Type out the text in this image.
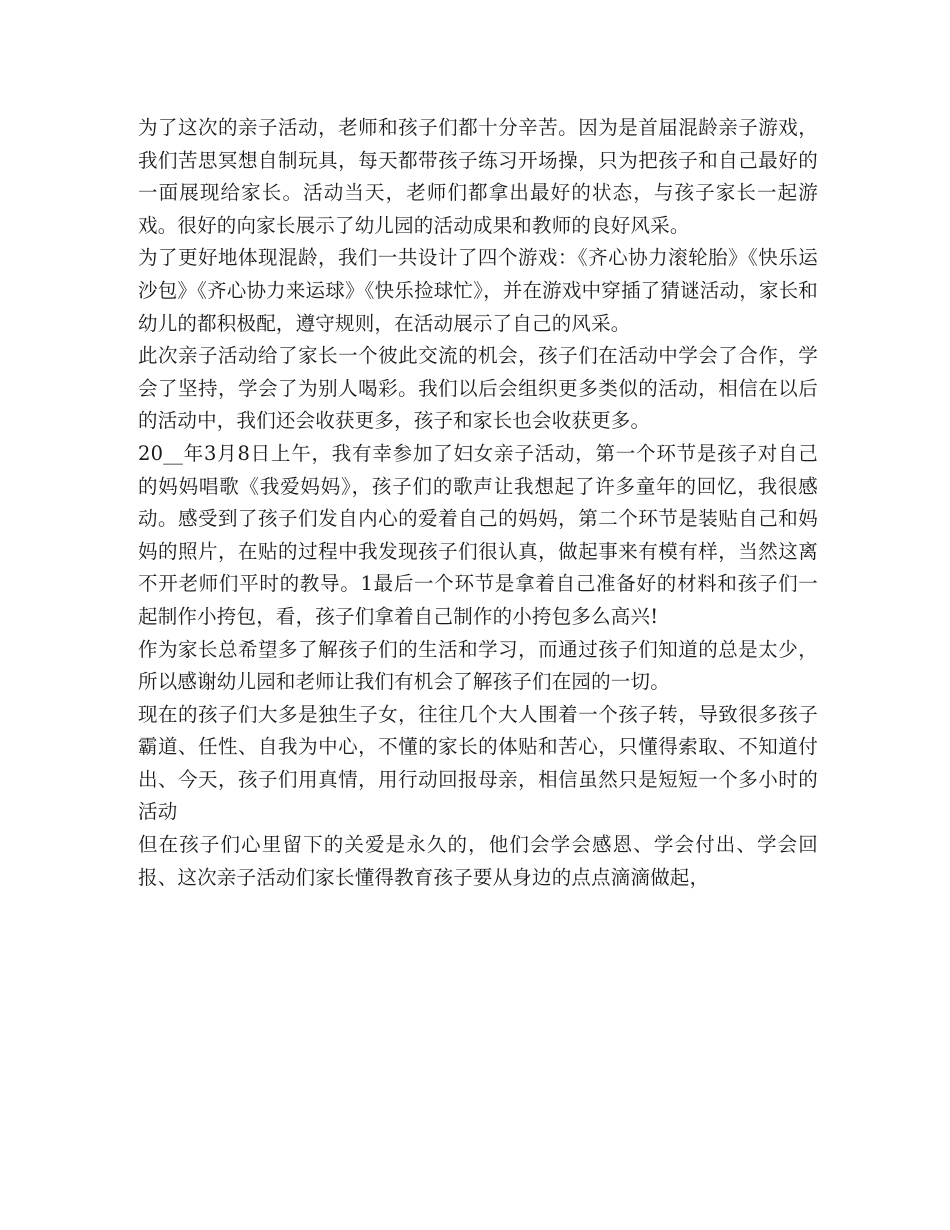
为了这次的亲子活动，老师和孩子们都十分辛苦。因为是首届混龄亲子游戏，我们苦思冥想自制玩具，每天都带孩子练习开场操，只为把孩子和自己最好的一面展现给家长。活动当天，老师们都拿出最好的状态，与孩子家长一起游戏。很好的向家长展示了幼儿园的活动成果和教师的良好风采。

为了更好地体现混龄，我们一共设计了四个游戏：《齐心协力滚轮胎》《快乐运沙包》《齐心协力来运球》《快乐捡球忙》，并在游戏中穿插了猜谜活动，家长和幼儿的都积极配，遵守规则，在活动展示了自己的风采。

此次亲子活动给了家长一个彼此交流的机会，孩子们在活动中学会了合作，学会了坚持，学会了为别人喝彩。我们以后会组织更多类似的活动，相信在以后的活动中，我们还会收获更多，孩子和家长也会收获更多。

20__年3月8日上午，我有幸参加了妇女亲子活动，第一个环节是孩子对自己的妈妈唱歌《我爱妈妈》，孩子们的歌声让我想起了许多童年的回忆，我很感动。感受到了孩子们发自内心的爱着自己的妈妈，第二个环节是装贴自己和妈妈的照片，在贴的过程中我发现孩子们很认真，做起事来有模有样，当然这离不开老师们平时的教导。1最后一个环节是拿着自己准备好的材料和孩子们一起制作小挎包，看，孩子们拿着自己制作的小挎包多么高兴!

作为家长总希望多了解孩子们的生活和学习，而通过孩子们知道的总是太少，所以感谢幼儿园和老师让我们有机会了解孩子们在园的一切。

现在的孩子们大多是独生子女，往往几个大人围着一个孩子转，导致很多孩子霸道、任性、自我为中心，不懂的家长的体贴和苦心，只懂得索取、不知道付出、今天，孩子们用真情，用行动回报母亲，相信虽然只是短短一个多小时的活动

但在孩子们心里留下的关爱是永久的，他们会学会感恩、学会付出、学会回报、这次亲子活动们家长懂得教育孩子要从身边的点点滴滴做起，
